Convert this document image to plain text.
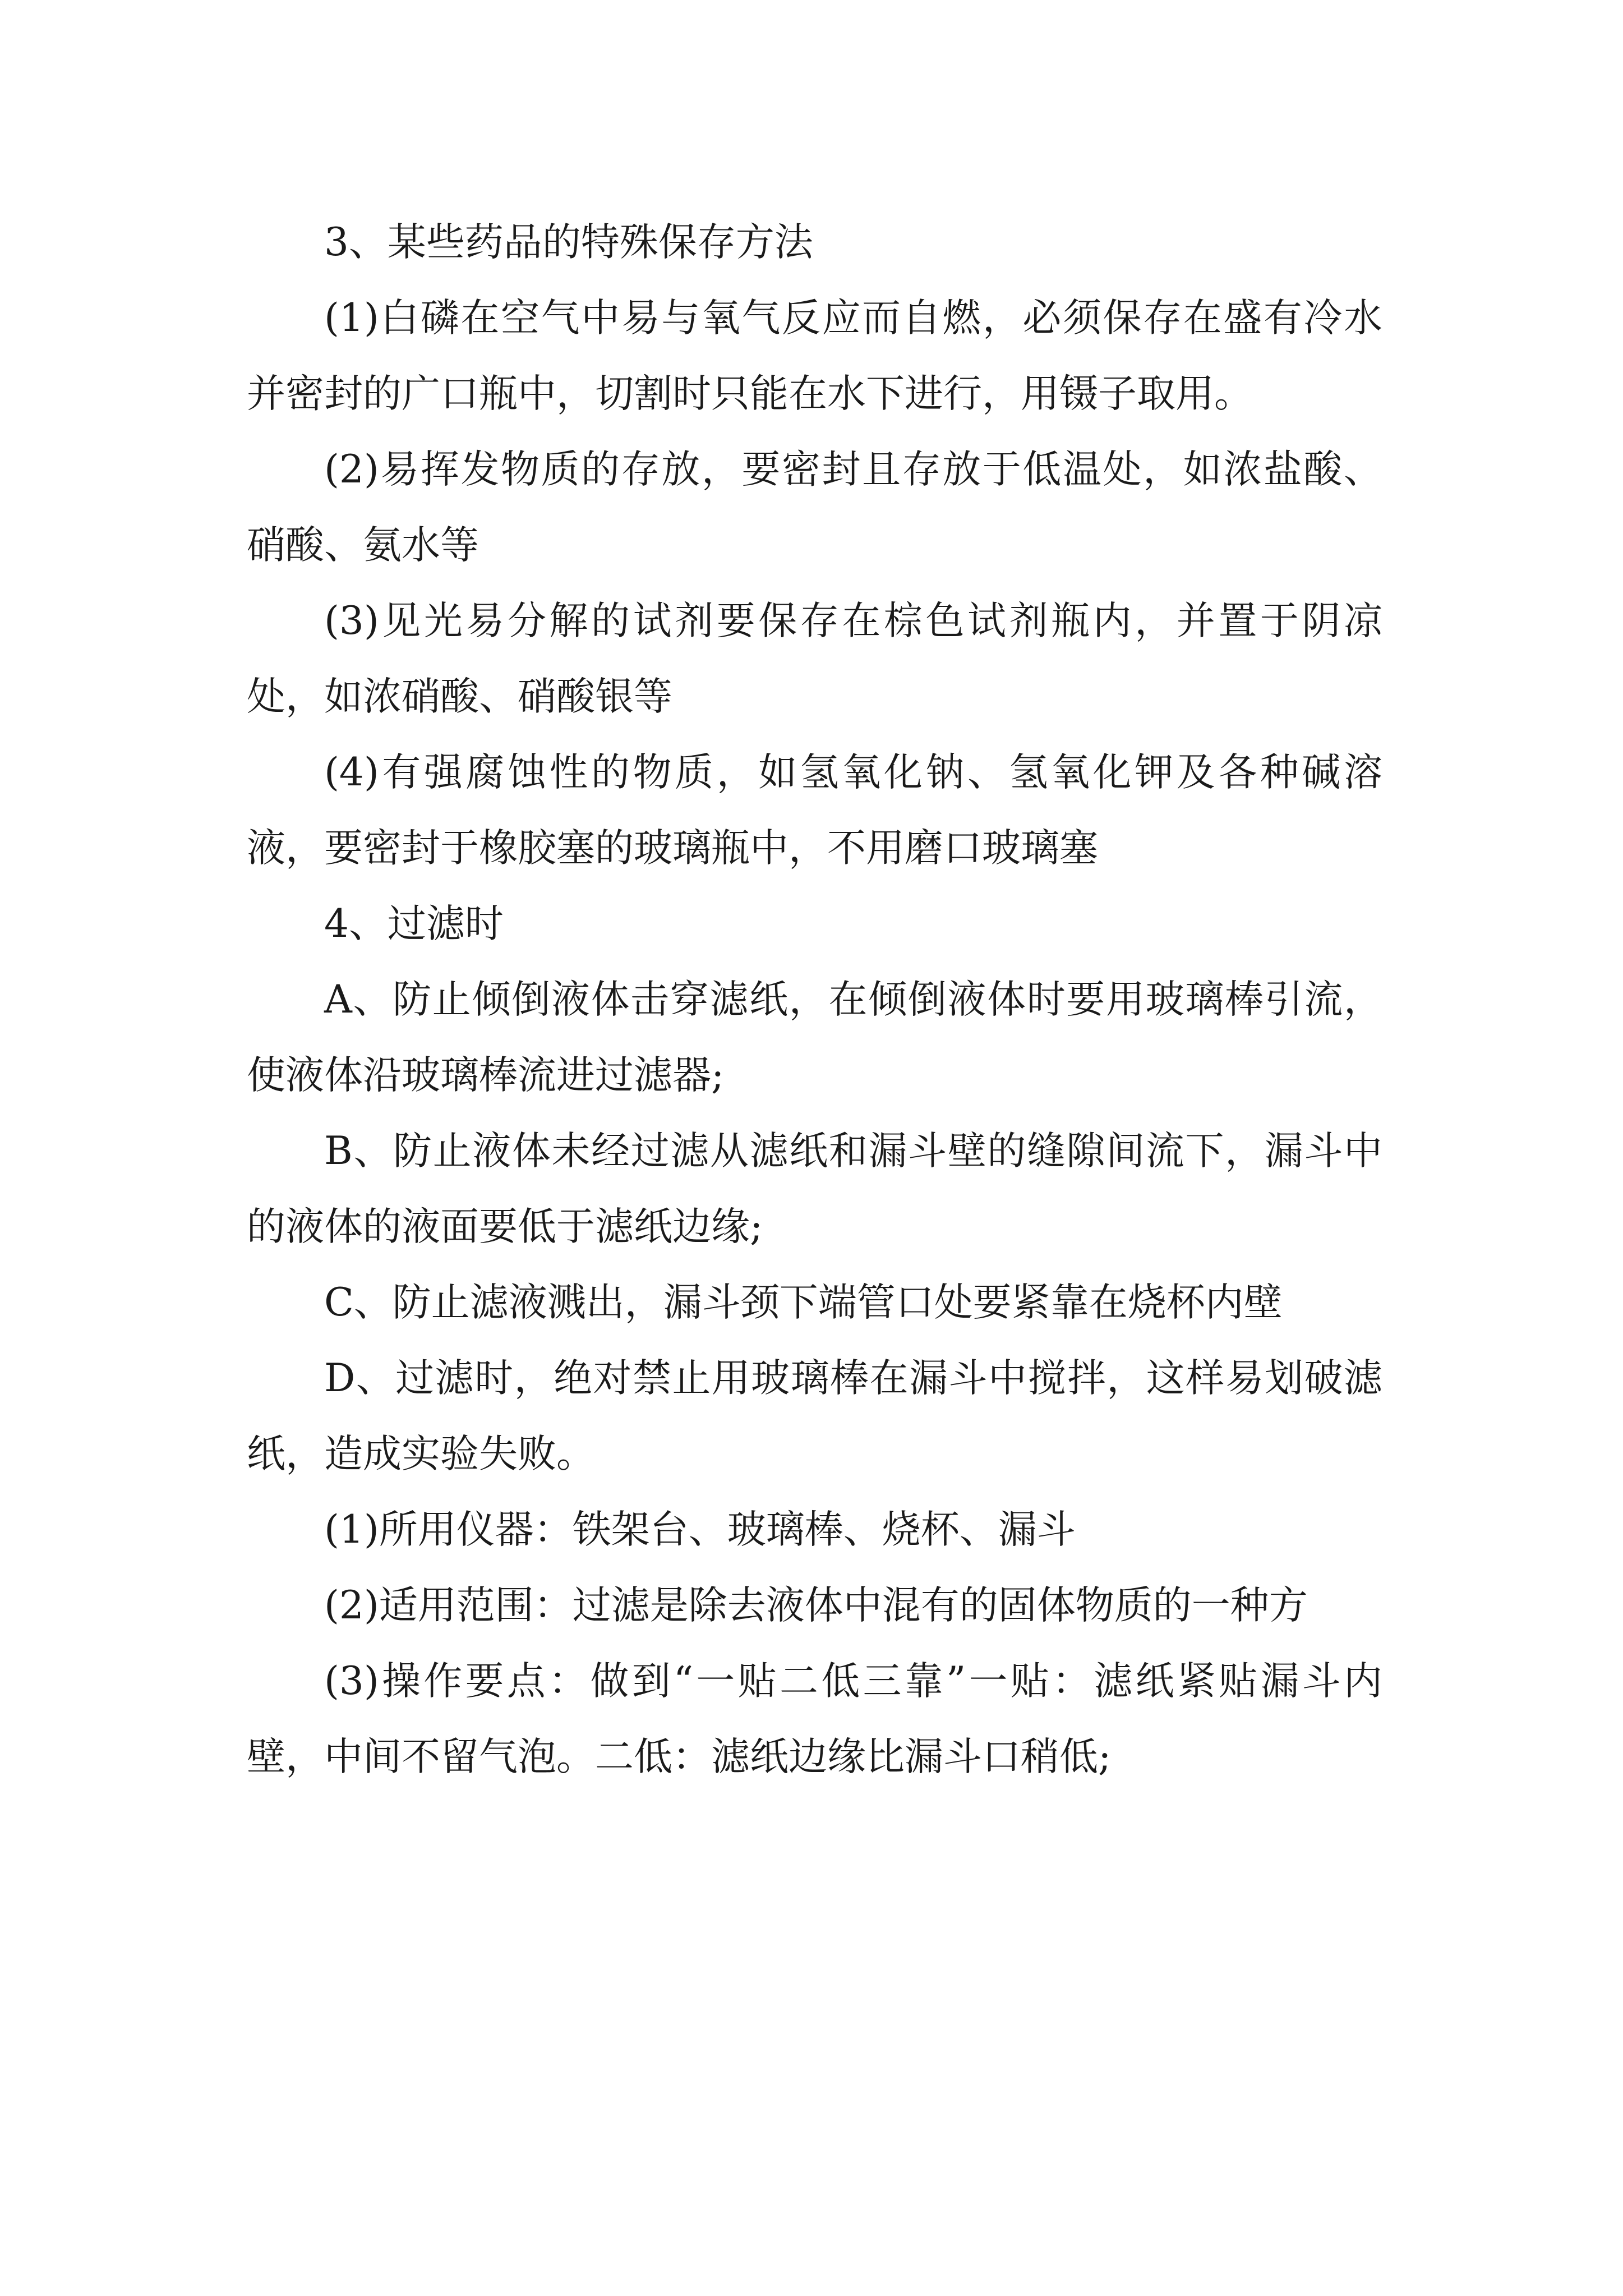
3、某些药品的特殊保存方法

(1)白磷在空气中易与氧气反应而自燃，必须保存在盛有冷水并密封的广口瓶中，切割时只能在水下进行，用镊子取用。

(2)易挥发物质的存放，要密封且存放于低温处，如浓盐酸、硝酸、氨水等

(3)见光易分解的试剂要保存在棕色试剂瓶内，并置于阴凉处，如浓硝酸、硝酸银等

(4)有强腐蚀性的物质，如氢氧化钠、氢氧化钾及各种碱溶液，要密封于橡胶塞的玻璃瓶中，不用磨口玻璃塞

4、过滤时

A、防止倾倒液体击穿滤纸，在倾倒液体时要用玻璃棒引流，使液体沿玻璃棒流进过滤器;

B、防止液体未经过滤从滤纸和漏斗壁的缝隙间流下，漏斗中的液体的液面要低于滤纸边缘;

C、防止滤液溅出，漏斗颈下端管口处要紧靠在烧杯内壁

D、过滤时，绝对禁止用玻璃棒在漏斗中搅拌，这样易划破滤纸，造成实验失败。

(1)所用仪器：铁架台、玻璃棒、烧杯、漏斗

(2)适用范围：过滤是除去液体中混有的固体物质的一种方

(3)操作要点：做到“一贴二低三靠”一贴：滤纸紧贴漏斗内壁，中间不留气泡。二低：滤纸边缘比漏斗口稍低;
